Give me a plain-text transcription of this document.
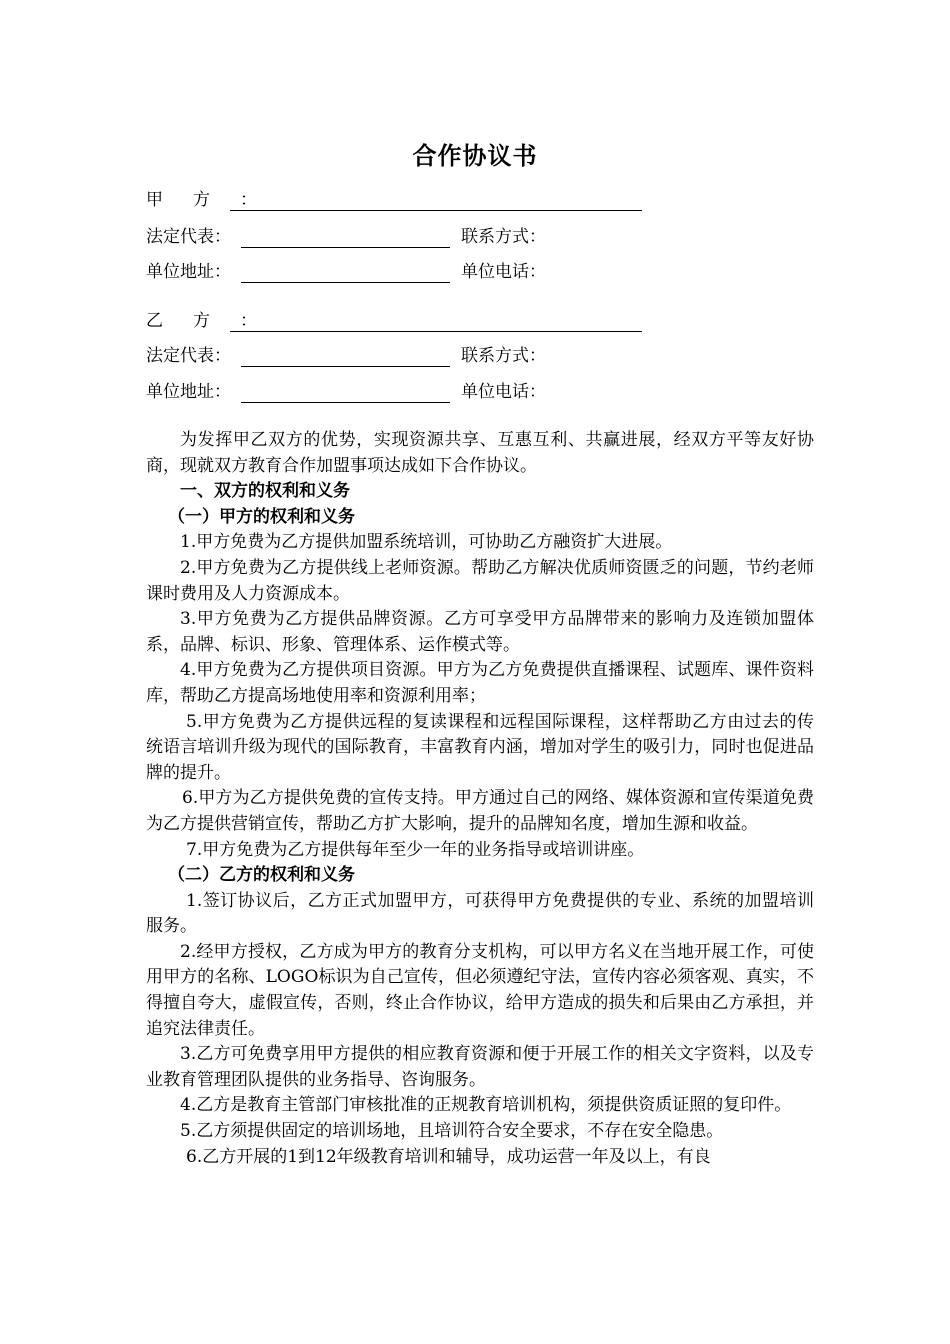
合作协议书
甲方：
法定代表：	联系方式：
单位地址：	单位电话：
乙方：
法定代表：	联系方式：
单位地址：	单位电话：

为发挥甲乙双方的优势，实现资源共享、互惠互利、共赢进展，经双方平等友好协商，现就双方教育合作加盟事项达成如下合作协议。

一、双方的权利和义务

（一）甲方的权利和义务

1.甲方免费为乙方提供加盟系统培训，可协助乙方融资扩大进展。

2.甲方免费为乙方提供线上老师资源。帮助乙方解决优质师资匮乏的问题，节约老师课时费用及人力资源成本。

3.甲方免费为乙方提供品牌资源。乙方可享受甲方品牌带来的影响力及连锁加盟体系，品牌、标识、形象、管理体系、运作模式等。

4.甲方免费为乙方提供项目资源。甲方为乙方免费提供直播课程、试题库、课件资料库，帮助乙方提高场地使用率和资源利用率；

5.甲方免费为乙方提供远程的复读课程和远程国际课程，这样帮助乙方由过去的传统语言培训升级为现代的国际教育，丰富教育内涵，增加对学生的吸引力，同时也促进品牌的提升。

6.甲方为乙方提供免费的宣传支持。甲方通过自己的网络、媒体资源和宣传渠道免费为乙方提供营销宣传，帮助乙方扩大影响，提升的品牌知名度，增加生源和收益。

7.甲方免费为乙方提供每年至少一年的业务指导或培训讲座。

（二）乙方的权利和义务

1.签订协议后，乙方正式加盟甲方，可获得甲方免费提供的专业、系统的加盟培训服务。

2.经甲方授权，乙方成为甲方的教育分支机构，可以甲方名义在当地开展工作，可使用甲方的名称、LOGO标识为自己宣传，但必须遵纪守法，宣传内容必须客观、真实，不得擅自夸大，虚假宣传，否则，终止合作协议，给甲方造成的损失和后果由乙方承担，并追究法律责任。

3.乙方可免费享用甲方提供的相应教育资源和便于开展工作的相关文字资料，以及专业教育管理团队提供的业务指导、咨询服务。

4.乙方是教育主管部门审核批准的正规教育培训机构，须提供资质证照的复印件。

5.乙方须提供固定的培训场地，且培训符合安全要求，不存在安全隐患。

6.乙方开展的1到12年级教育培训和辅导，成功运营一年及以上，有良
